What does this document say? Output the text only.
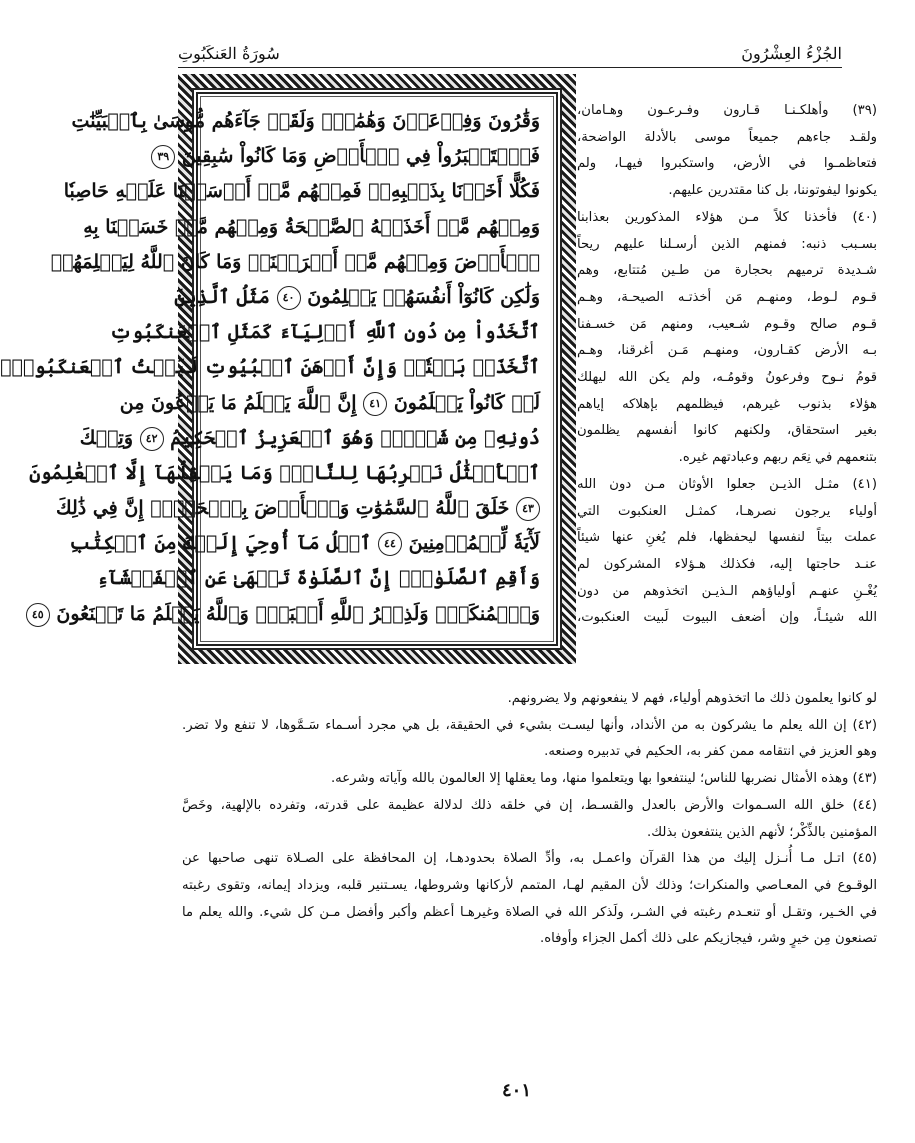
سُورَةُ العَنكَبُوتِ	الجُزْءُ العِشْرُونَ
وَقَٰرُونَ وَفِرۡعَوۡنَ وَهَٰمَٰنَۖ وَلَقَدۡ جَآءَهُم مُّوسَىٰ بِٱلۡبَيِّنَٰتِ
فَٱسۡتَكۡبَرُواْ فِي ٱلۡأَرۡضِ وَمَا كَانُواْ سَٰبِقِينَ ٣٩
فَكُلًّا أَخَذۡنَا بِذَنۢبِهِۦۖ فَمِنۡهُم مَّنۡ أَرۡسَلۡنَا عَلَيۡهِ حَاصِبٗا
وَمِنۡهُم مَّنۡ أَخَذَتۡهُ ٱلصَّيۡحَةُ وَمِنۡهُم مَّنۡ خَسَفۡنَا بِهِ
ٱلۡأَرۡضَ وَمِنۡهُم مَّنۡ أَغۡرَقۡنَاۚ وَمَا كَانَ ٱللَّهُ لِيَظۡلِمَهُمۡ
وَلَٰكِن كَانُوٓاْ أَنفُسَهُمۡ يَظۡلِمُونَ ٤٠ مَثَلُ ٱلَّذِينَ
ٱتَّخَذُواْ مِن دُونِ ٱللَّهِ أَوۡلِيَآءَ كَمَثَلِ ٱلۡعَنكَبُوتِ
ٱتَّخَذَتۡ بَيۡتٗاۖ وَإِنَّ أَوۡهَنَ ٱلۡبُيُوتِ لَبَيۡتُ ٱلۡعَنكَبُوتِۚ
لَوۡ كَانُواْ يَعۡلَمُونَ ٤١ إِنَّ ٱللَّهَ يَعۡلَمُ مَا يَدۡعُونَ مِن
دُونِهِۦ مِن شَيۡءٖۚ وَهُوَ ٱلۡعَزِيزُ ٱلۡحَكِيمُ ٤٢ وَتِلۡكَ
ٱلۡأَمۡثَٰلُ نَضۡرِبُهَا لِلنَّاسِۖ وَمَا يَعۡقِلُهَآ إِلَّا ٱلۡعَٰلِمُونَ
٤٣ خَلَقَ ٱللَّهُ ٱلسَّمَٰوَٰتِ وَٱلۡأَرۡضَ بِٱلۡحَقِّۚ إِنَّ فِي ذَٰلِكَ
لَأٓيَةٗ لِّلۡمُؤۡمِنِينَ ٤٤ ٱتۡلُ مَآ أُوحِيَ إِلَيۡكَ مِنَ ٱلۡكِتَٰبِ
وَأَقِمِ ٱلصَّلَوٰةَۖ إِنَّ ٱلصَّلَوٰةَ تَنۡهَىٰ عَنِ ٱلۡفَحۡشَآءِ
وَٱلۡمُنكَرِۗ وَلَذِكۡرُ ٱللَّهِ أَكۡبَرُۗ وَٱللَّهُ يَعۡلَمُ مَا تَصۡنَعُونَ ٤٥
(٣٩) وأهلكـنـا قـارون وفـرعـون وهـامان،
ولقـد جاءهم جميعاً موسى بالأدلة الواضحة،
فتعاظمـوا في الأرض، واستكبروا فيهـا، ولم
يكونوا ليفوتوننا، بل كنا مقتدرين عليهم.
(٤٠) فأخذنا كلاً مـن هؤلاء المذكورين بعذابنا
بسـبب ذنبه: فمنهم الذين أرسـلنا عليهم ريحاً
شـديدة ترميهم بحجارة من طـين مُتتابع، وهم
قـوم لـوط، ومنهـم مَن أخذتـه الصيحـة، وهـم
قـوم صالح وقـوم شـعيب، ومنهم مَن خسـفنا
بـه الأرض كقـارون، ومنهـم مَـن أغرقنا، وهـم
قومُ نـوح وفرعونُ وقومُـه، ولم يكن الله ليهلك
هؤلاء بذنوب غيرهم، فيظلمهم بإهلاكه إياهم
بغير استحقاق، ولكنهم كانوا أنفسهم يظلمون
بتنعمهم في نِعَم ربهم وعبادتهم غيره.
(٤١) مثـل الذيـن جعلوا الأوثان مـن دون الله
أولياء يرجون نصرهـا، كمثـل العنكبوت التي
عملت بيتاً لنفسها ليحفظها، فلم يُغنِ عنها شيئاً
عنـد حاجتها إليه، فكذلك هـؤلاء المشركون لم
يُغْـنِ عنهـم أولياؤهم الـذيـن اتخذوهم من دون
الله شيئـاً، وإن أضعف البيوت لَبيت العنكبوت،
لو كانوا يعلمون ذلك ما اتخذوهم أولياء، فهم لا ينفعونهم ولا يضرونهم.
(٤٢) إن الله يعلم ما يشركون به من الأنداد، وأنها ليسـت بشيء في الحقيقة، بل هي مجرد أسـماء سَـمَّوها، لا تنفع ولا تضر.
وهو العزيز في انتقامه ممن كفر به، الحكيم في تدبيره وصنعه.
(٤٣) وهذه الأمثال نضربها للناس؛ لينتفعوا بها ويتعلموا منها، وما يعقلها إلا العالمون بالله وآياته وشرعه.
(٤٤) خلق الله السـموات والأرض بالعدل والقسـط، إن في خلقه ذلك لدلالة عظيمة على قدرته، وتفرده بالإلهية، وخَصَّ
المؤمنين بالذِّكْر؛ لأنهم الذين ينتفعون بذلك.
(٤٥) اتـل مـا أُنـزل إليك من هذا القرآن واعمـل به، وأدِّ الصلاة بحدودهـا، إن المحافظة على الصـلاة تنهى صاحبها عن
الوقـوع في المعـاصي والمنكرات؛ وذلك لأن المقيم لهـا، المتمم لأركانها وشروطها، يسـتنير قلبه، ويزداد إيمانه، وتقوى رغبته
في الخـير، وتقـل أو تنعـدم رغبته في الشـر، ولَذكر الله في الصلاة وغيرهـا أعظم وأكبر وأفضل مـن كل شيء. والله يعلم ما
تصنعون مِن خيرٍ وشر، فيجازيكم على ذلك أكمل الجزاء وأوفاه.
٤٠١
